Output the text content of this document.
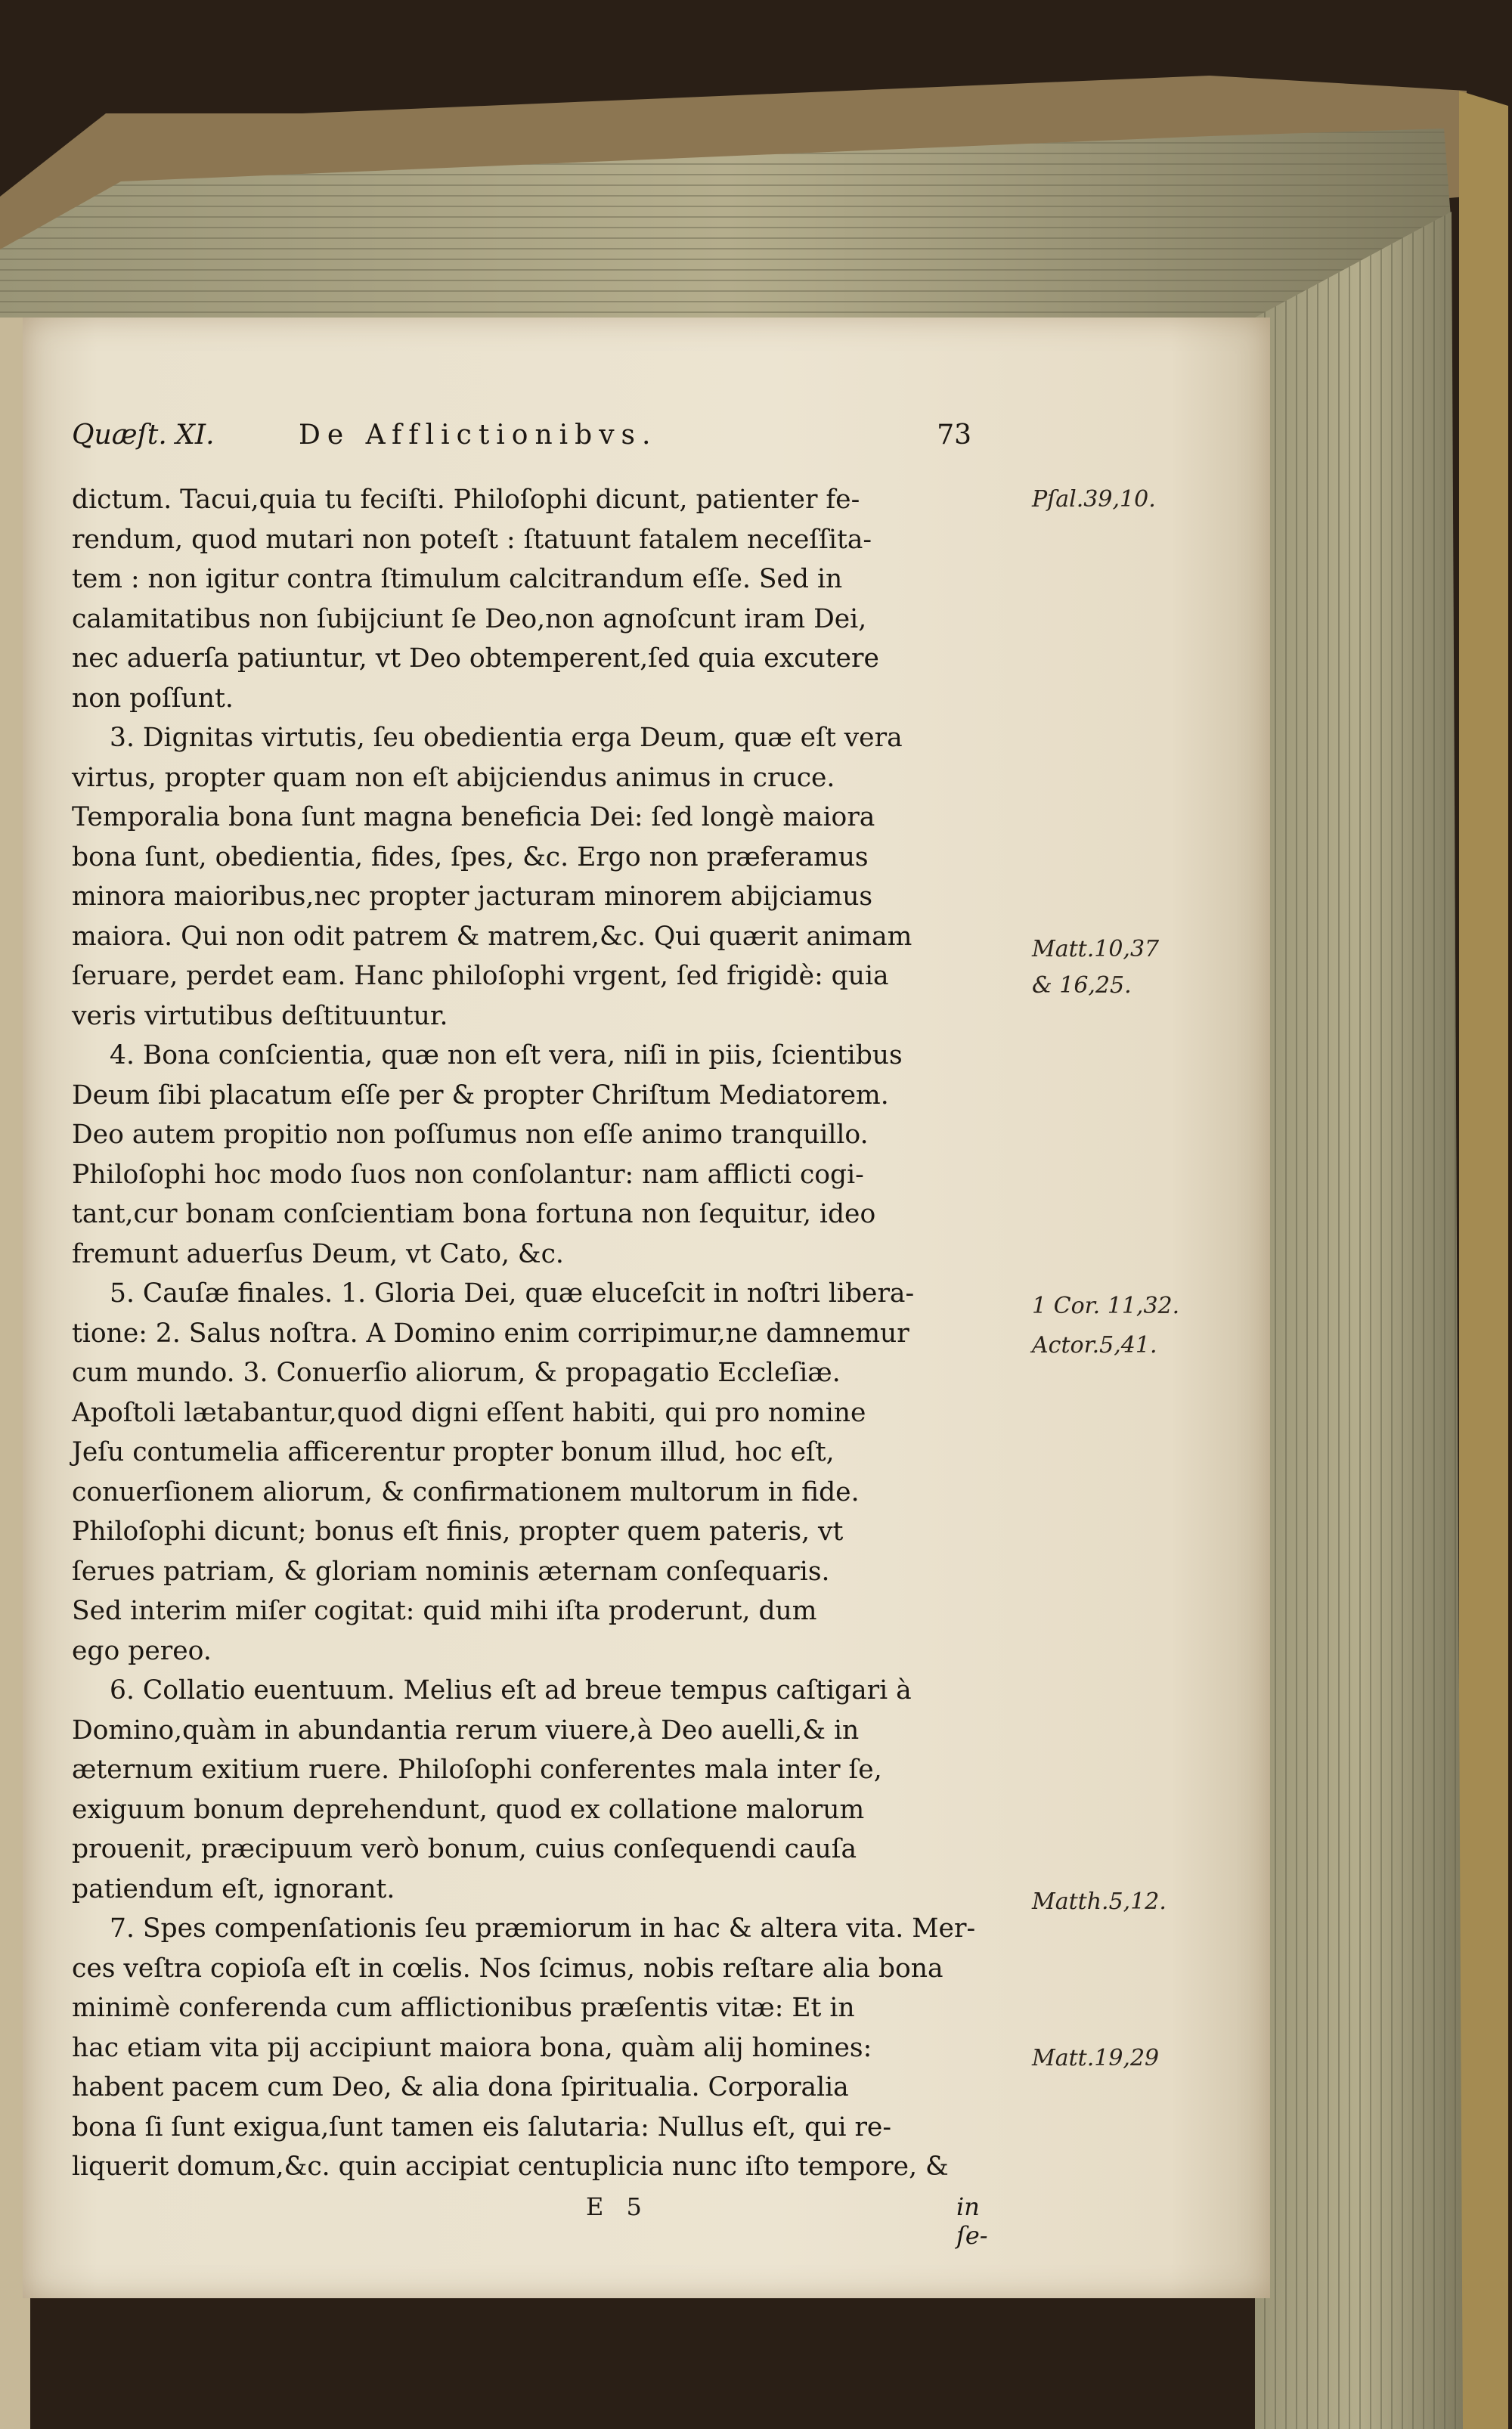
Quæſt. XI.	De Afflictionibvs.	73
dictum. Tacui,quia tu feciſti. Philoſophi dicunt, patienter fe-
rendum, quod mutari non poteſt : ſtatuunt fatalem neceſſita-
tem : non igitur contra ſtimulum calcitrandum eſſe. Sed in
calamitatibus non ſubijciunt ſe Deo,non agnoſcunt iram Dei,
nec aduerſa patiuntur, vt Deo obtemperent,ſed quia excutere
non poſſunt.
3. Dignitas virtutis, ſeu obedientia erga Deum, quæ eſt vera
virtus, propter quam non eſt abijciendus animus in cruce.
Temporalia bona ſunt magna beneficia Dei: ſed longè maiora
bona ſunt, obedientia, fides, ſpes, &c. Ergo non præferamus
minora maioribus,nec propter jacturam minorem abijciamus
maiora. Qui non odit patrem & matrem,&c. Qui quærit animam
ſeruare, perdet eam. Hanc philoſophi vrgent, ſed frigidè: quia
veris virtutibus deſtituuntur.
4. Bona conſcientia, quæ non eſt vera, niſi in piis, ſcientibus
Deum ſibi placatum eſſe per & propter Chriſtum Mediatorem.
Deo autem propitio non poſſumus non eſſe animo tranquillo.
Philoſophi hoc modo ſuos non conſolantur: nam afflicti cogi-
tant,cur bonam conſcientiam bona fortuna non ſequitur, ideo
fremunt aduerſus Deum, vt Cato, &c.
5. Cauſæ finales. 1. Gloria Dei, quæ eluceſcit in noſtri libera-
tione: 2. Salus noſtra. A Domino enim corripimur,ne damnemur
cum mundo. 3. Conuerſio aliorum, & propagatio Eccleſiæ.
Apoſtoli lætabantur,quod digni eſſent habiti, qui pro nomine
Jeſu contumelia afficerentur propter bonum illud, hoc eſt,
conuerſionem aliorum, & confirmationem multorum in fide.
Philoſophi dicunt; bonus eſt finis, propter quem pateris, vt
ſerues patriam, & gloriam nominis æternam conſequaris.
Sed interim miſer cogitat: quid mihi iſta proderunt, dum
ego pereo.
6. Collatio euentuum. Melius eſt ad breue tempus caſtigari à
Domino,quàm in abundantia rerum viuere,à Deo auelli,& in
æternum exitium ruere. Philoſophi conferentes mala inter ſe,
exiguum bonum deprehendunt, quod ex collatione malorum
prouenit, præcipuum verò bonum, cuius conſequendi cauſa
patiendum eſt, ignorant.
7. Spes compenſationis ſeu præmiorum in hac & altera vita. Mer-
ces veſtra copioſa eſt in cœlis. Nos ſcimus, nobis reſtare alia bona
minimè conferenda cum afflictionibus præſentis vitæ: Et in
hac etiam vita pij accipiunt maiora bona, quàm alij homines:
habent pacem cum Deo, & alia dona ſpiritualia. Corporalia
bona ſi ſunt exigua,ſunt tamen eis ſalutaria: Nullus eſt, qui re-
liquerit domum,&c. quin accipiat centuplicia nunc iſto tempore, &
Pſal.39,10.
Matt.10,37
& 16,25.
1 Cor. 11,32.
Actor.5,41.
Matth.5,12.
Matt.19,29
E 5	in ſe-
